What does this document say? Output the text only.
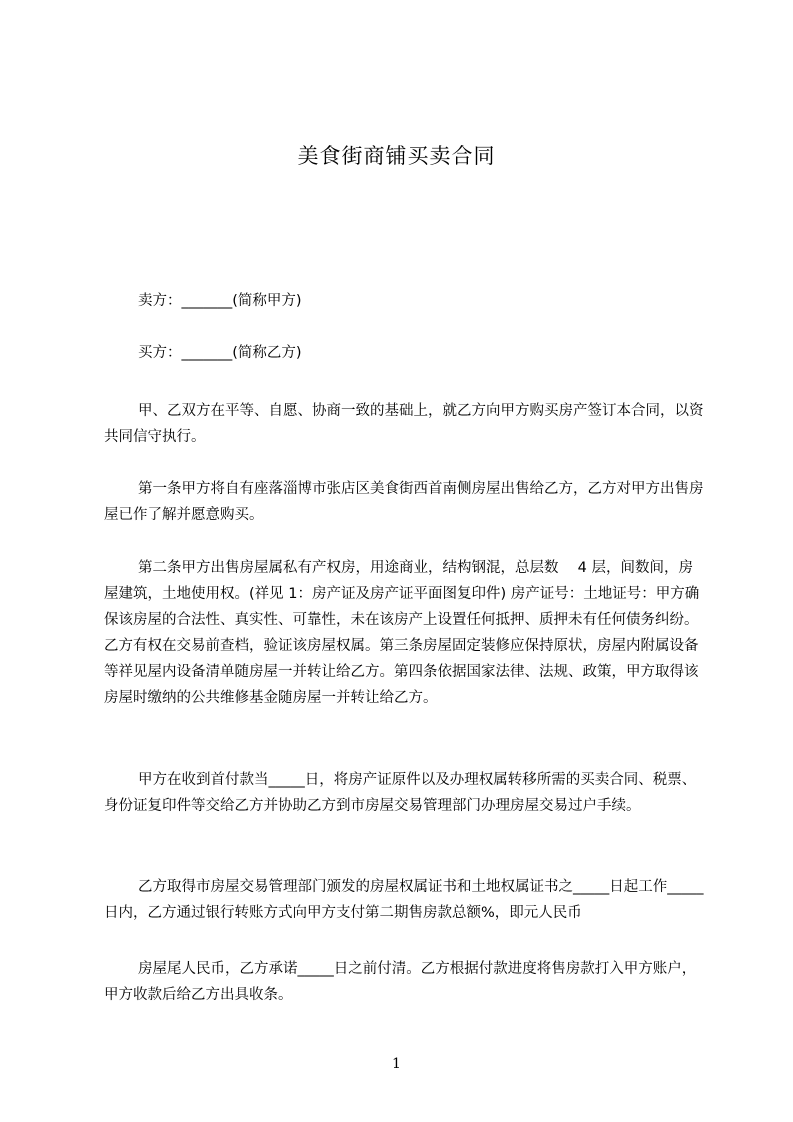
美食街商铺买卖合同

卖方：_______(简称甲方)

买方：_______(简称乙方)

甲、乙双方在平等、自愿、协商一致的基础上，就乙方向甲方购买房产签订本合同，以资共同信守执行。

第一条甲方将自有座落淄博市张店区美食街西首南侧房屋出售给乙方，乙方对甲方出售房屋已作了解并愿意购买。

第二条甲方出售房屋属私有产权房，用途商业，结构钢混，总层数　 4 层，间数间，房屋建筑，土地使用权。(祥见 1：房产证及房产证平面图复印件) 房产证号：土地证号：甲方确保该房屋的合法性、真实性、可靠性，未在该房产上设置任何抵押、质押未有任何债务纠纷。乙方有权在交易前查档，验证该房屋权属。第三条房屋固定装修应保持原状，房屋内附属设备等祥见屋内设备清单随房屋一并转让给乙方。第四条依据国家法律、法规、政策，甲方取得该房屋时缴纳的公共维修基金随房屋一并转让给乙方。

甲方在收到首付款当_____日，将房产证原件以及办理权属转移所需的买卖合同、税票、身份证复印件等交给乙方并协助乙方到市房屋交易管理部门办理房屋交易过户手续。

乙方取得市房屋交易管理部门颁发的房屋权属证书和土地权属证书之_____日起工作_____日内，乙方通过银行转账方式向甲方支付第二期售房款总额%，即元人民币

房屋尾人民币，乙方承诺_____日之前付清。乙方根据付款进度将售房款打入甲方账户，甲方收款后给乙方出具收条。

1
